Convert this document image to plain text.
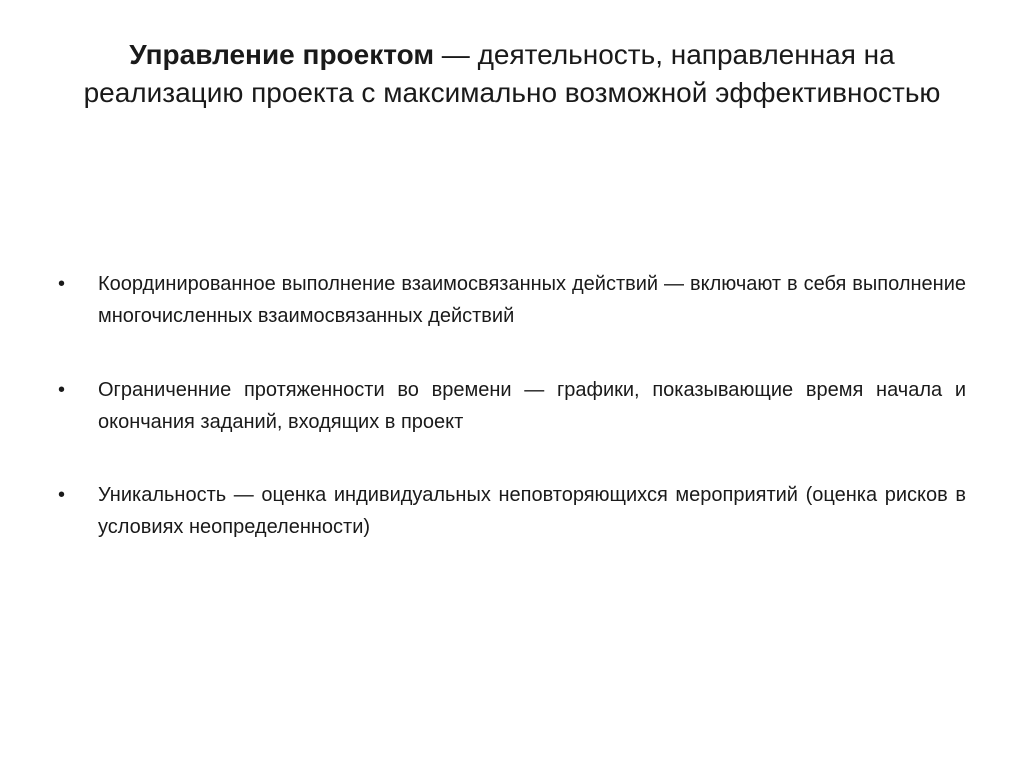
Управление проектом — деятельность, направленная на реализацию проекта с максимально возможной эффективностью
•	Координированное выполнение взаимосвязанных действий — включают в себя выполнение многочисленных взаимосвязанных действий
•	Ограниченние протяженности во времени — графики, показывающие время начала и окончания заданий, входящих в проект
•	Уникальность — оценка индивидуальных неповторяющихся мероприятий (оценка рисков в условиях неопределенности)
